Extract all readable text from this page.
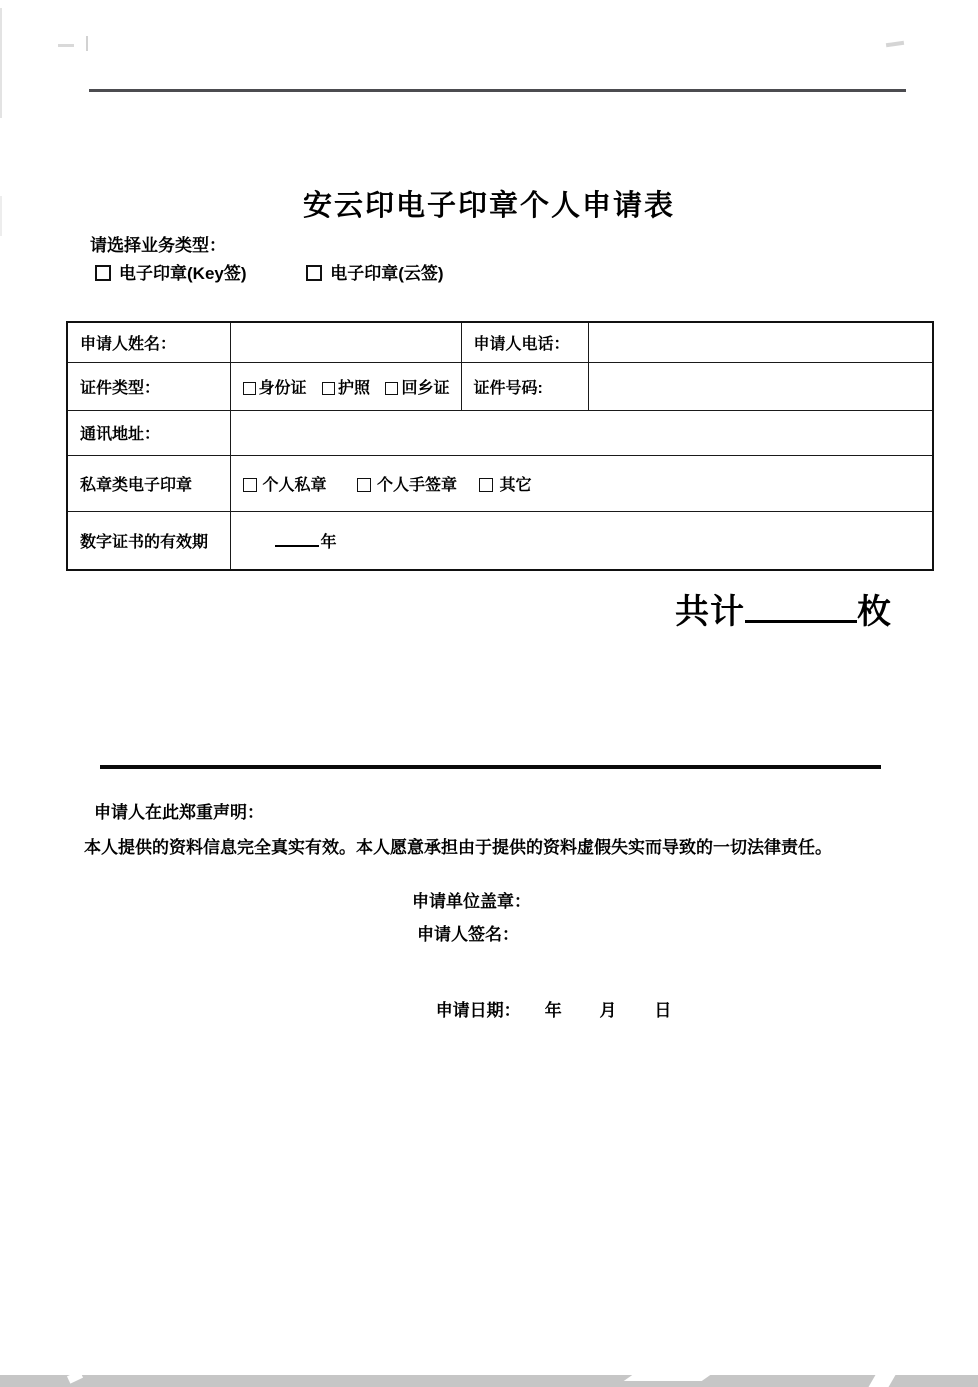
安云印电子印章个人申请表
请选择业务类型：
电子印章(Key签)	电子印章(云签)
申请人姓名：		申请人电话：	
证件类型：	身份证 护照 回乡证	证件号码:	
通讯地址：			
私章类电子印章	个人私章 个人手签章 其它		
数字证书的有效期	年		
共计	枚
申请人在此郑重声明：
本人提供的资料信息完全真实有效。本人愿意承担由于提供的资料虚假失实而导致的一切法律责任。
申请单位盖章：
申请人签名：

申请日期： 年  月  日
